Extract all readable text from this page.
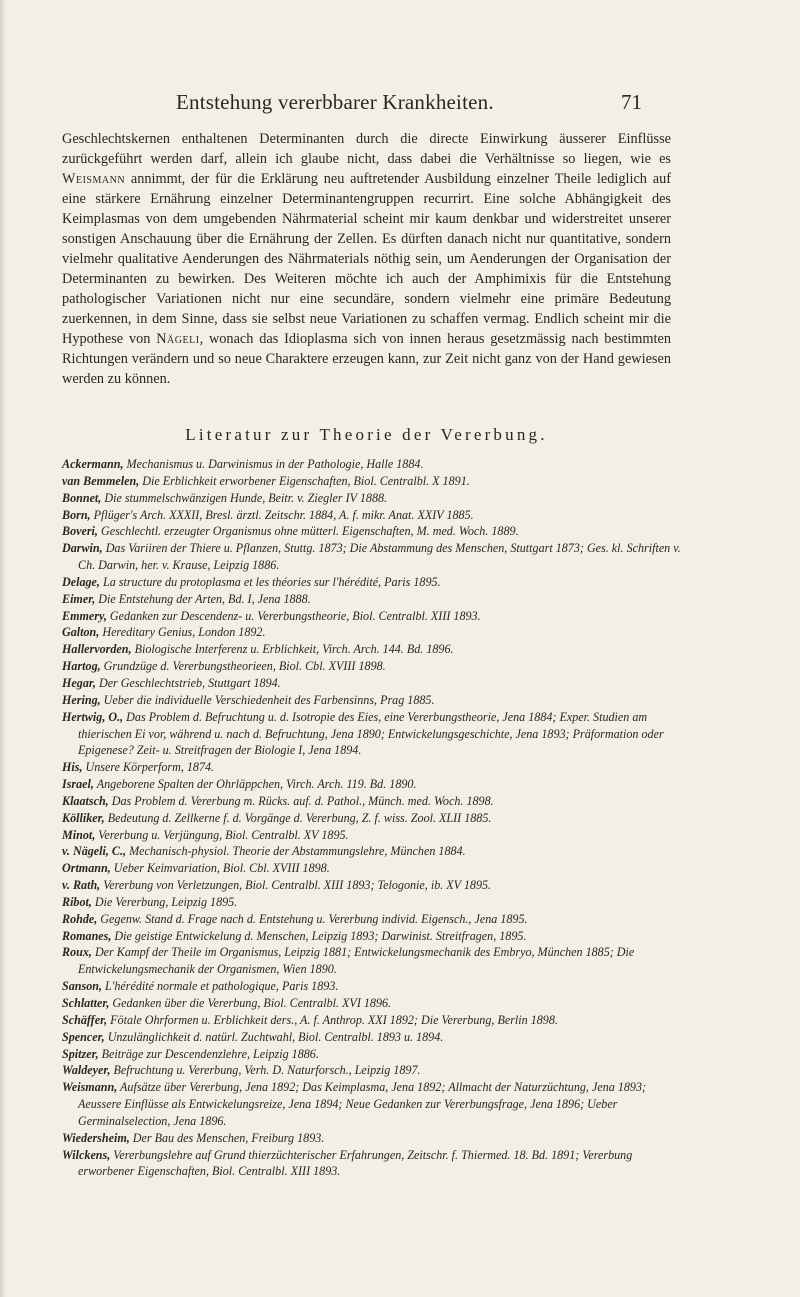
Entstehung vererbbarer Krankheiten.	71
Geschlechtskernen enthaltenen Determinanten durch die directe Einwirkung äusserer Einflüsse zurückgeführt werden darf, allein ich glaube nicht, dass dabei die Verhältnisse so liegen, wie es Weismann annimmt, der für die Erklärung neu auftretender Ausbildung einzelner Theile lediglich auf eine stärkere Ernährung einzelner Determinantengruppen recurrirt. Eine solche Abhängigkeit des Keimplasmas von dem umgebenden Nährmaterial scheint mir kaum denkbar und widerstreitet unserer sonstigen Anschauung über die Ernährung der Zellen. Es dürften danach nicht nur quantitative, sondern vielmehr qualitative Aenderungen des Nährmaterials nöthig sein, um Aenderungen der Organisation der Determinanten zu bewirken. Des Weiteren möchte ich auch der Amphimixis für die Entstehung pathologischer Variationen nicht nur eine secundäre, sondern vielmehr eine primäre Bedeutung zuerkennen, in dem Sinne, dass sie selbst neue Variationen zu schaffen vermag. Endlich scheint mir die Hypothese von Nägeli, wonach das Idioplasma sich von innen heraus gesetzmässig nach bestimmten Richtungen verändern und so neue Charaktere erzeugen kann, zur Zeit nicht ganz von der Hand gewiesen werden zu können.
Literatur zur Theorie der Vererbung.

Ackermann, Mechanismus u. Darwinismus in der Pathologie, Halle 1884.

van Bemmelen, Die Erblichkeit erworbener Eigenschaften, Biol. Centralbl. X 1891.

Bonnet, Die stummelschwänzigen Hunde, Beitr. v. Ziegler IV 1888.

Born, Pflüger's Arch. XXXII, Bresl. ärztl. Zeitschr. 1884, A. f. mikr. Anat. XXIV 1885.

Boveri, Geschlechtl. erzeugter Organismus ohne mütterl. Eigenschaften, M. med. Woch. 1889.

Darwin, Das Variiren der Thiere u. Pflanzen, Stuttg. 1873; Die Abstammung des Menschen, Stuttgart 1873; Ges. kl. Schriften v. Ch. Darwin, her. v. Krause, Leipzig 1886.

Delage, La structure du protoplasma et les théories sur l'hérédité, Paris 1895.

Eimer, Die Entstehung der Arten, Bd. I, Jena 1888.

Emmery, Gedanken zur Descendenz- u. Vererbungstheorie, Biol. Centralbl. XIII 1893.

Galton, Hereditary Genius, London 1892.

Hallervorden, Biologische Interferenz u. Erblichkeit, Virch. Arch. 144. Bd. 1896.

Hartog, Grundzüge d. Vererbungstheorieen, Biol. Cbl. XVIII 1898.

Hegar, Der Geschlechtstrieb, Stuttgart 1894.

Hering, Ueber die individuelle Verschiedenheit des Farbensinns, Prag 1885.

Hertwig, O., Das Problem d. Befruchtung u. d. Isotropie des Eies, eine Vererbungstheorie, Jena 1884; Exper. Studien am thierischen Ei vor, während u. nach d. Befruchtung, Jena 1890; Entwickelungsgeschichte, Jena 1893; Präformation oder Epigenese? Zeit- u. Streitfragen der Biologie I, Jena 1894.

His, Unsere Körperform, 1874.

Israel, Angeborene Spalten der Ohrläppchen, Virch. Arch. 119. Bd. 1890.

Klaatsch, Das Problem d. Vererbung m. Rücks. auf. d. Pathol., Münch. med. Woch. 1898.

Kölliker, Bedeutung d. Zellkerne f. d. Vorgänge d. Vererbung, Z. f. wiss. Zool. XLII 1885.

Minot, Vererbung u. Verjüngung, Biol. Centralbl. XV 1895.

v. Nägeli, C., Mechanisch-physiol. Theorie der Abstammungslehre, München 1884.

Ortmann, Ueber Keimvariation, Biol. Cbl. XVIII 1898.

v. Rath, Vererbung von Verletzungen, Biol. Centralbl. XIII 1893; Telogonie, ib. XV 1895.

Ribot, Die Vererbung, Leipzig 1895.

Rohde, Gegenw. Stand d. Frage nach d. Entstehung u. Vererbung individ. Eigensch., Jena 1895.

Romanes, Die geistige Entwickelung d. Menschen, Leipzig 1893; Darwinist. Streitfragen, 1895.

Roux, Der Kampf der Theile im Organismus, Leipzig 1881; Entwickelungsmechanik des Embryo, München 1885; Die Entwickelungsmechanik der Organismen, Wien 1890.

Sanson, L'hérédité normale et pathologique, Paris 1893.

Schlatter, Gedanken über die Vererbung, Biol. Centralbl. XVI 1896.

Schäffer, Fötale Ohrformen u. Erblichkeit ders., A. f. Anthrop. XXI 1892; Die Vererbung, Berlin 1898.

Spencer, Unzulänglichkeit d. natürl. Zuchtwahl, Biol. Centralbl. 1893 u. 1894.

Spitzer, Beiträge zur Descendenzlehre, Leipzig 1886.

Waldeyer, Befruchtung u. Vererbung, Verh. D. Naturforsch., Leipzig 1897.

Weismann, Aufsätze über Vererbung, Jena 1892; Das Keimplasma, Jena 1892; Allmacht der Naturzüchtung, Jena 1893; Aeussere Einflüsse als Entwickelungsreize, Jena 1894; Neue Gedanken zur Vererbungsfrage, Jena 1896; Ueber Germinalselection, Jena 1896.

Wiedersheim, Der Bau des Menschen, Freiburg 1893.

Wilckens, Vererbungslehre auf Grund thierzüchterischer Erfahrungen, Zeitschr. f. Thiermed. 18. Bd. 1891; Vererbung erworbener Eigenschaften, Biol. Centralbl. XIII 1893.
